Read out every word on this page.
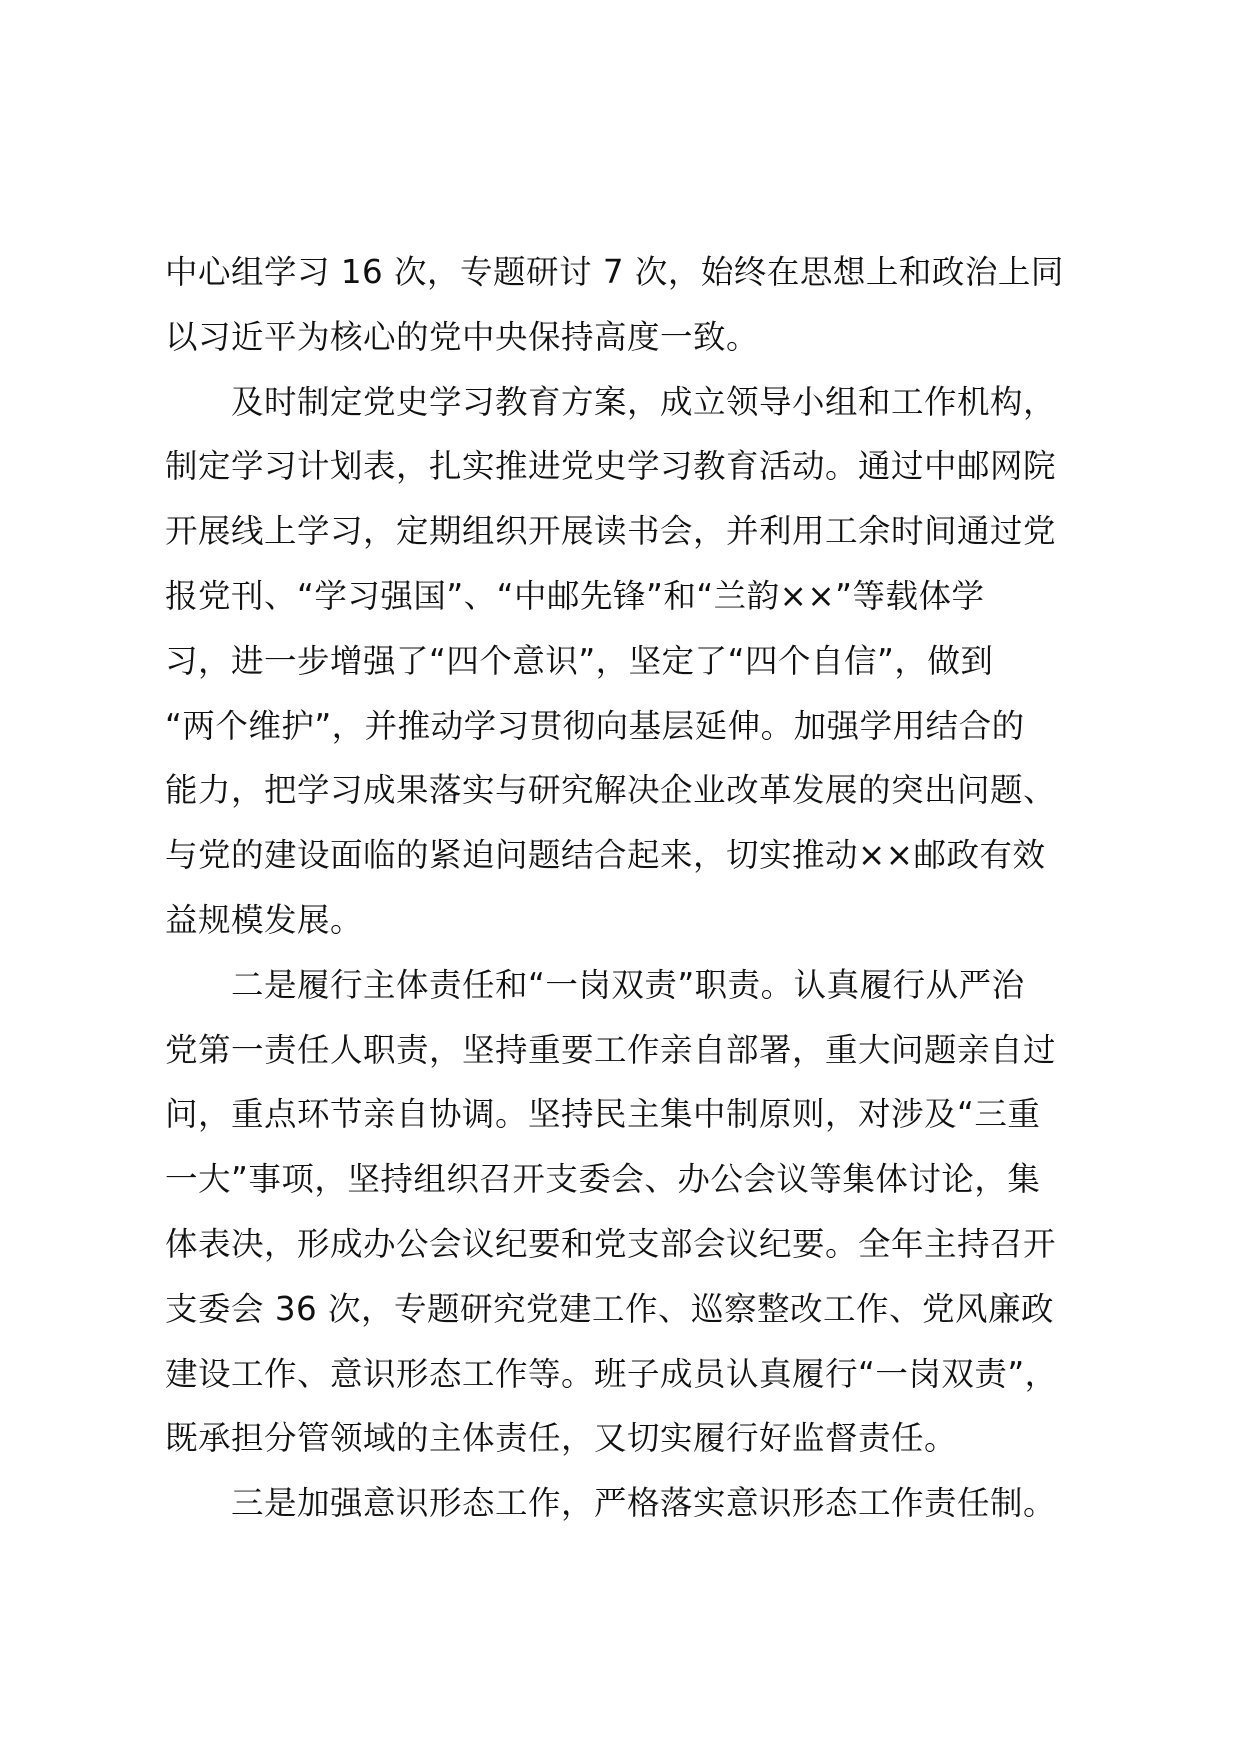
中心组学习 16 次，专题研讨 7 次，始终在思想上和政治上同

以习近平为核心的党中央保持高度一致。

及时制定党史学习教育方案，成立领导小组和工作机构，

制定学习计划表，扎实推进党史学习教育活动。通过中邮网院

开展线上学习，定期组织开展读书会，并利用工余时间通过党

报党刊、“学习强国”、“中邮先锋”和“兰韵××”等载体学

习，进一步增强了“四个意识”，坚定了“四个自信”，做到

“两个维护”，并推动学习贯彻向基层延伸。加强学用结合的

能力，把学习成果落实与研究解决企业改革发展的突出问题、

与党的建设面临的紧迫问题结合起来，切实推动××邮政有效

益规模发展。

二是履行主体责任和“一岗双责”职责。认真履行从严治

党第一责任人职责，坚持重要工作亲自部署，重大问题亲自过

问，重点环节亲自协调。坚持民主集中制原则，对涉及“三重

一大”事项，坚持组织召开支委会、办公会议等集体讨论，集

体表决，形成办公会议纪要和党支部会议纪要。全年主持召开

支委会 36 次，专题研究党建工作、巡察整改工作、党风廉政

建设工作、意识形态工作等。班子成员认真履行“一岗双责”，

既承担分管领域的主体责任，又切实履行好监督责任。

三是加强意识形态工作，严格落实意识形态工作责任制。
